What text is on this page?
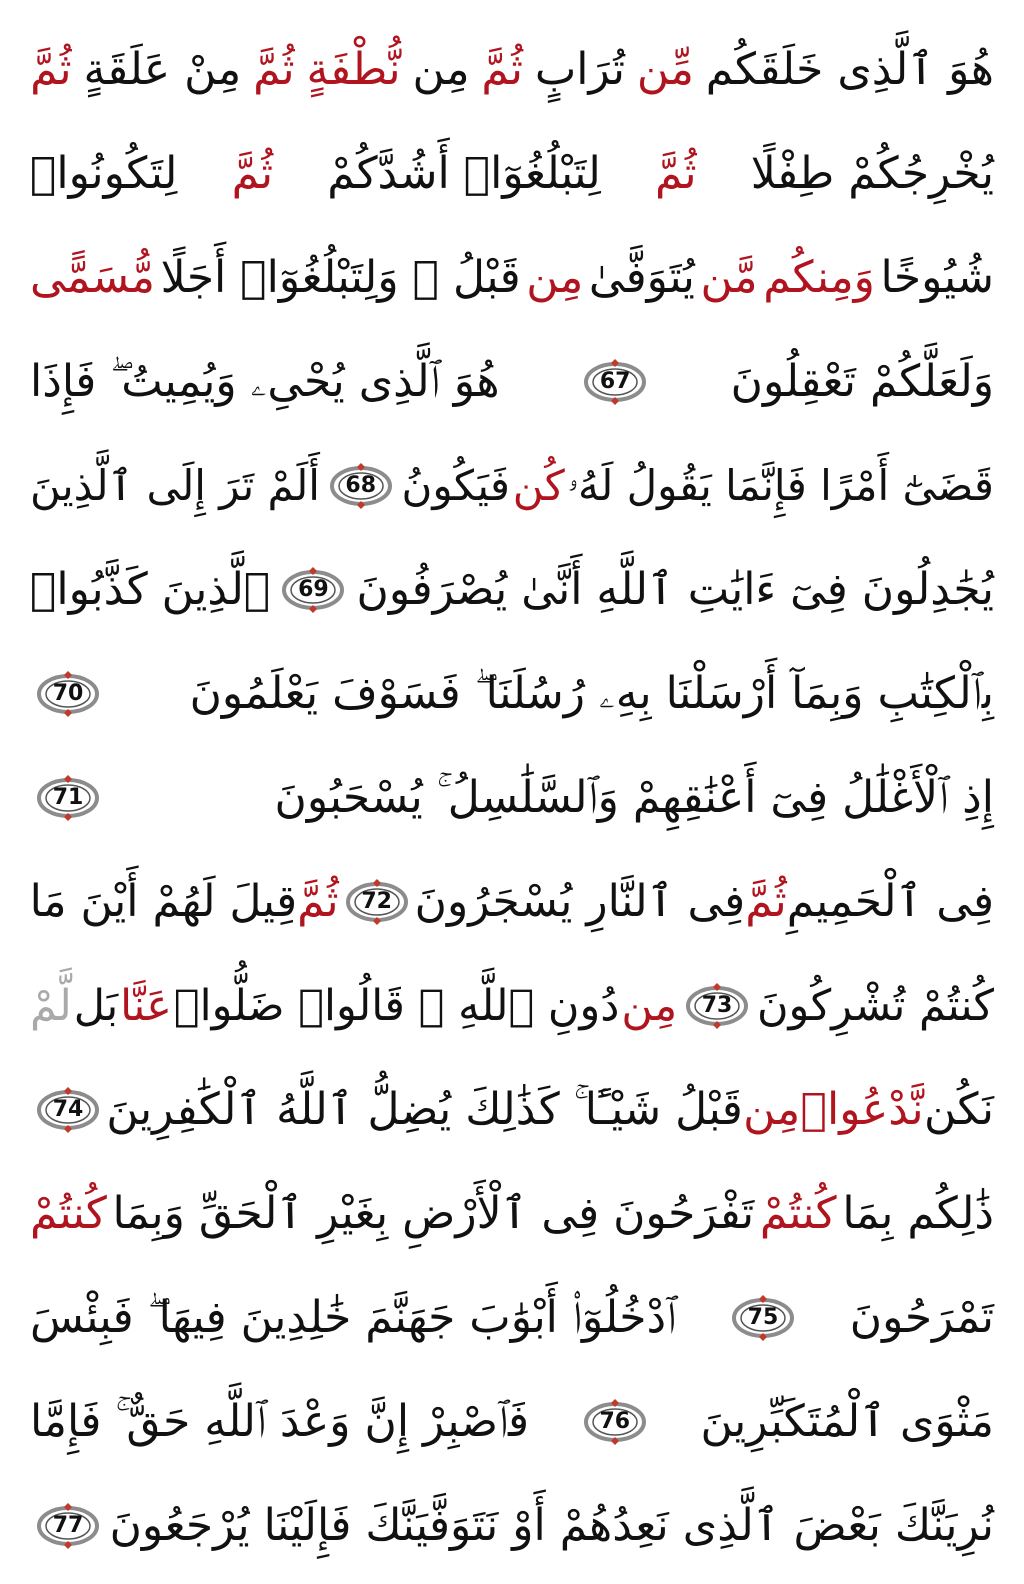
هُوَ ٱلَّذِى خَلَقَكُم
مِّن
تُرَابٍ
ثُمَّ
مِن
نُّطْفَةٍ
ثُمَّ
مِنْ عَلَقَةٍ
ثُمَّ
يُخْرِجُكُمْ طِفْلًا
ثُمَّ
لِتَبْلُغُوٓا۟ أَشُدَّكُمْ
ثُمَّ
لِتَكُونُوا۟
شُيُوخًا
وَمِنكُم
مَّن
يُتَوَفَّىٰ
مِن
قَبْلُ ۖ وَلِتَبْلُغُوٓا۟ أَجَلًا
مُّسَمًّى
وَلَعَلَّكُمْ تَعْقِلُونَ
67
هُوَ ٱلَّذِى يُحْىِۦ وَيُمِيتُ ۖ فَإِذَا
قَضَىٰٓ أَمْرًا فَإِنَّمَا يَقُولُ لَهُۥ
كُن
فَيَكُونُ
68
أَلَمْ تَرَ إِلَى ٱلَّذِينَ
يُجَٰدِلُونَ فِىٓ ءَايَٰتِ ٱللَّهِ أَنَّىٰ يُصْرَفُونَ
69
ٱلَّذِينَ كَذَّبُوا۟
بِٱلْكِتَٰبِ وَبِمَآ أَرْسَلْنَا بِهِۦ رُسُلَنَا ۖ فَسَوْفَ يَعْلَمُونَ
70
إِذِ ٱلْأَغْلَٰلُ فِىٓ أَعْنَٰقِهِمْ وَٱلسَّلَٰسِلُ ۚ يُسْحَبُونَ
71
فِى ٱلْحَمِيمِ
ثُمَّ
فِى ٱلنَّارِ يُسْجَرُونَ
72
ثُمَّ
قِيلَ لَهُمْ أَيْنَ مَا
كُنتُمْ تُشْرِكُونَ
73
مِن
دُونِ ٱللَّهِ ۖ قَالُوا۟ ضَلُّوا۟
عَنَّا
بَل
لَّمْ
نَكُن
نَّدْعُوا۟
مِن
قَبْلُ شَيْـًٔا ۚ كَذَٰلِكَ يُضِلُّ ٱللَّهُ ٱلْكَٰفِرِينَ
74
ذَٰلِكُم بِمَا
كُنتُمْ
تَفْرَحُونَ فِى ٱلْأَرْضِ بِغَيْرِ ٱلْحَقِّ وَبِمَا
كُنتُمْ
تَمْرَحُونَ
75
ٱدْخُلُوٓا۟ أَبْوَٰبَ جَهَنَّمَ خَٰلِدِينَ فِيهَا ۖ فَبِئْسَ
مَثْوَى ٱلْمُتَكَبِّرِينَ
76
فَٱصْبِرْ إِنَّ وَعْدَ ٱللَّهِ حَقٌّ ۚ فَإِمَّا
نُرِيَنَّكَ بَعْضَ ٱلَّذِى نَعِدُهُمْ أَوْ نَتَوَفَّيَنَّكَ فَإِلَيْنَا يُرْجَعُونَ
77
